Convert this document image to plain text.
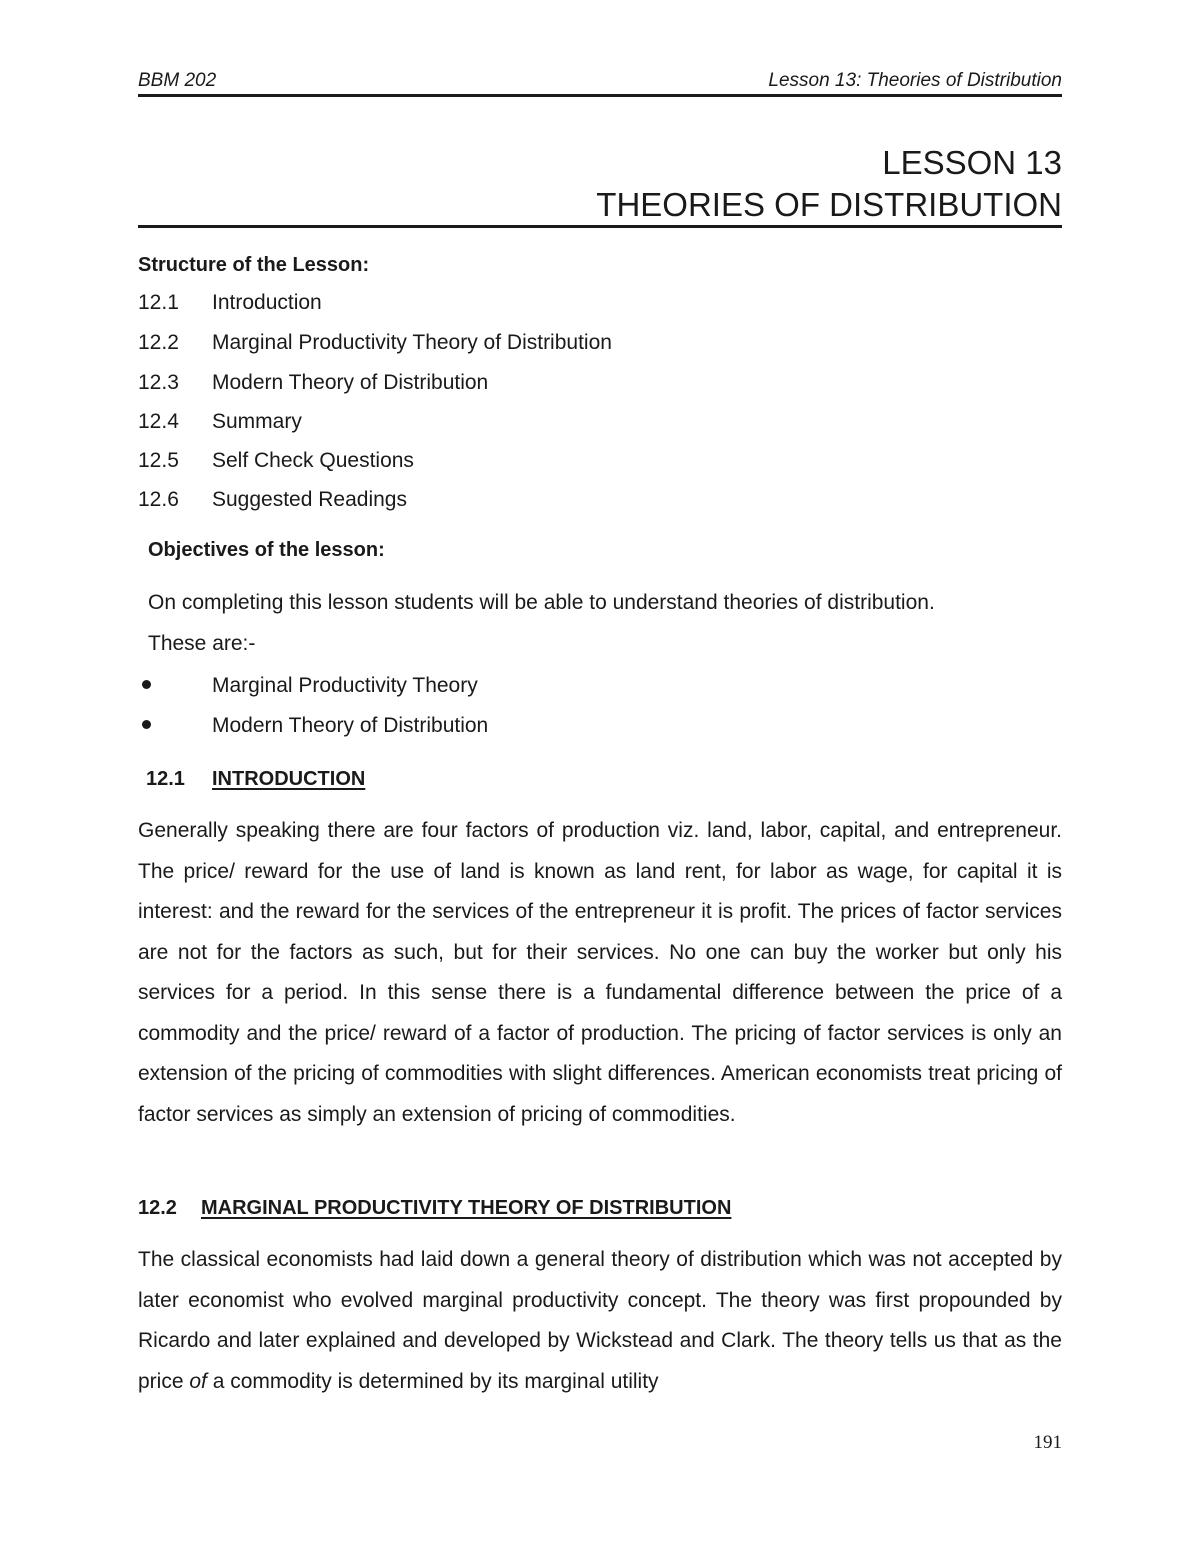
BBM 202	Lesson 13: Theories of Distribution
LESSON 13
THEORIES OF DISTRIBUTION
Structure of the Lesson:
12.1 Introduction
12.2 Marginal Productivity Theory of Distribution
12.3 Modern Theory of Distribution
12.4 Summary
12.5 Self Check Questions
12.6 Suggested Readings
Objectives of the lesson:
On completing this lesson students will be able to understand theories of distribution.
These are:-
Marginal Productivity Theory
Modern Theory of Distribution
12.1 INTRODUCTION

Generally speaking there are four factors of production viz. land, labor, capital, and entrepreneur. The price/ reward for the use of land is known as land rent, for labor as wage, for capital it is interest: and the reward for the services of the entrepreneur it is profit. The prices of factor services are not for the factors as such, but for their services. No one can buy the worker but only his services for a period. In this sense there is a fundamental difference between the price of a commodity and the price/ reward of a factor of production. The pricing of factor services is only an extension of the pricing of commodities with slight differences. American economists treat pricing of factor services as simply an extension of pricing of commodities.

12.2 MARGINAL PRODUCTIVITY THEORY OF DISTRIBUTION

The classical economists had laid down a general theory of distribution which was not accepted by later economist who evolved marginal productivity concept. The theory was first propounded by Ricardo and later explained and developed by Wickstead and Clark. The theory tells us that as the price of a commodity is determined by its marginal utility

191
